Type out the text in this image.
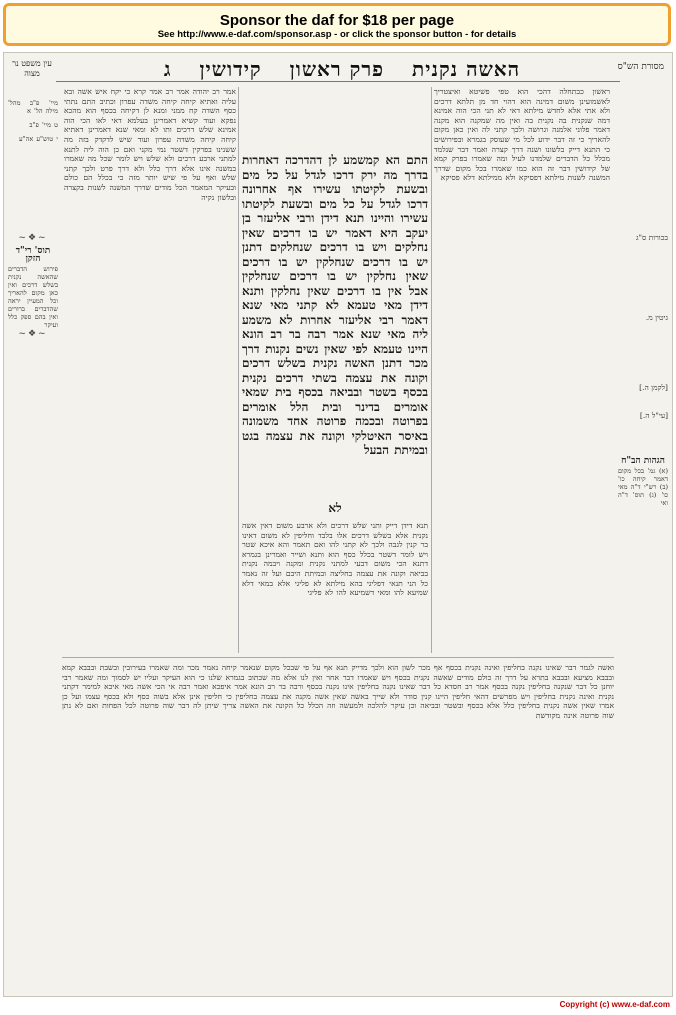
Sponsor the daf for $18 per page
See http://www.e-daf.com/sponsor.asp - or click the sponsor button - for details
עין משפט נר מצוה
מסורת הש"ס
האשה נקנית פרק ראשון קידושין ג
מיי' פ"ב מהל' מילה הל' א
ט מיי' פ"ב
י טוש"ע אה"ע
~❖~
תוס' רי"ד הזקן
פירוש הדברים שהאשה נקנית בשלש דרכים ואין כאן מקום להאריך וכל המעיין יראה שהדברים ברורים ואין בהם ספק כלל ועיקר
~❖~
בכורות ס"ג
גיטין מ.
[לקמן ה.]
[עי"ל ה.]
הגהות הב"ח
(א) גמ' בכל מקום דאמר קיחה כו' (ב) רש"י ד"ה מאי כו' (ג) תוס' ד"ה ואי
אמר רב יהודה אמר רב אמר קרא כי יקח איש אשה ובא עליה ואתיא קיחה קיחה משדה עפרון וכתיב התם נתתי כסף השדה קח ממני ומנא לן דקיחה בכסף הוא מהכא נפקא ועוד קשיא דאמרינן בעלמא דאי לאו הכי הוה אמינא שלש דרכים ותו לא ומאי שנא דאמרינן דאתיא קיחה קיחה משדה עפרון ועוד שיש לדקדק בזה מה ששנינו בפרקין דשטר נמי מקני ואם כן הוה ליה לתנא למתני ארבע דרכים ולא שלש ויש לומר שכל מה שאמרו במשנה אינו אלא דרך כלל ולא דרך פרט ולכך קתני שלש ואף על פי שיש יותר מזה כי בכלל הם כולם ובעיקר המאמר הכל מודים שדרך המשנה לשנות בקצרה ובלשון נקיה
ראשון כבתחלה דהכי הוא טפי פשיטא ואיצטריך לאשמועינן משום דמינה הוא דהוי חד מן תלתא דרכים ולא אתי אלא לחדש מילתא דאי לא תני הכי הוה אמינא דמה שנקנית בה נקנית בה ואין מה שמקנה הוא מקנה דאמר פלוני אלמנה וגרושה ולכך קתני לה ואין כאן מקום להאריך כי זה דבר ידוע לכל מי שעוסק בגמרא ובפירושים כי התנא דייק בלשונו ושנה דרך קצרה ואמר דבר שנלמד מכלל כל הדברים שלמדנו לעיל ומה שאמרו בפרק קמא של קידושין דבר זה הוא כמו שאמרו בכל מקום שדרך המשנה לשנות מילתא דפסיקא ולא ממילתא דלא פסיקא
התם הא קמשמע לן דהדרכה דאחרות בדרך מה ירק דרכו לגדל על כל מים ובשעת לקיטתו עשירו אף אחרונה דרכו לגדל על כל מים ובשעת לקיטתו עשירו והיינו תנא דידן ורבי אליעזר בן יעקב היא דאמר יש בו דרכים שאין נחלקים ויש בו דרכים שנחלקים דתנן יש בו דרכים שנחלקין יש בו דרכים שאין נחלקין יש בו דרכים שנחלקין אבל אין בו דרכים שאין נחלקין ותנא דידן מאי טעמא לא קתני מאי שנא דאמר רבי אליעזר אחרות לא משמע ליה מאי שנא אמר רבה בר רב הונא היינו טעמא לפי שאין נשים נקנות דרך מכר דתנן האשה נקנית בשלש דרכים וקונה את עצמה בשתי דרכים נקנית בכסף בשטר ובביאה בכסף בית שמאי אומרים בדינר ובית הלל אומרים בפרוטה ובכמה פרוטה אחד משמונה באיסר האיטלקי וקונה את עצמה בגט ובמיתת הבעל
לא
תנא דידן דייק ותני שלש דרכים ולא ארבע משום דאין אשה נקנית אלא בשלש דרכים אלו בלבד וחליפין לא משום דאינו בר קנין לגבה ולכך לא קתני להו ואם תאמר והא איכא שטר ויש לומר דשטר בכלל כסף הוא ותנא ושייר ואמרינן בגמרא דתנא הכי משום דבעי למתני נקנית ומקנה ויבמה נקנית בביאה וקונה את עצמה בחליצה ובמיתת היבם ועל זה נאמר כל הני תנאי דפליגי בהא מילתא לא פליגי אלא במאי דלא שמיעא להו ומאי דשמיעא להו לא פליגי
ואשה לגמר דבר שאינו נקנה בחליפין ואינה נקנית בכסף אף מכר לשון הוא ולכך מדייק תנא אף על פי שבכל מקום שנאמר קיחה נאמר מכר ומה שאמרו בעירובין ובשבת ובבבא קמא ובבבא מציעא ובבבא בתרא על דרך זה כולם מודים שאשה נקנית בכסף ויש שאמרו דבר אחר ואין לנו אלא מה שכתוב בגמרא שלנו כי הוא העיקר ועליו יש לסמוך ומה שאמר רבי יוחנן כל דבר שנקנה בחליפין נקנה בכסף אמר רב חסדא כל דבר שאינו נקנה בחליפין אינו נקנה בכסף ורבה בר רב הונא אמר איפכא ואמר רבה אי הכי אשה מאי איכא למימר דקתני נקנית ואינה נקנית בחליפין ויש מפרשים דהאי חליפין היינו קנין סודר ולא שייך באשה שאין אשה מקנה את עצמה בחליפין כי חליפין אינן אלא בשוה כסף ולא בכסף עצמו ועל כן אמרו שאין אשה נקנית בחליפין כלל אלא בכסף ובשטר ובביאה וכן עיקר להלכה ולמעשה וזה הכלל כל הקונה את האשה צריך שיתן לה דבר שוה פרוטה לכל הפחות ואם לא נתן שוה פרוטה אינה מקודשת
Copyright (c) www.e-daf.com
